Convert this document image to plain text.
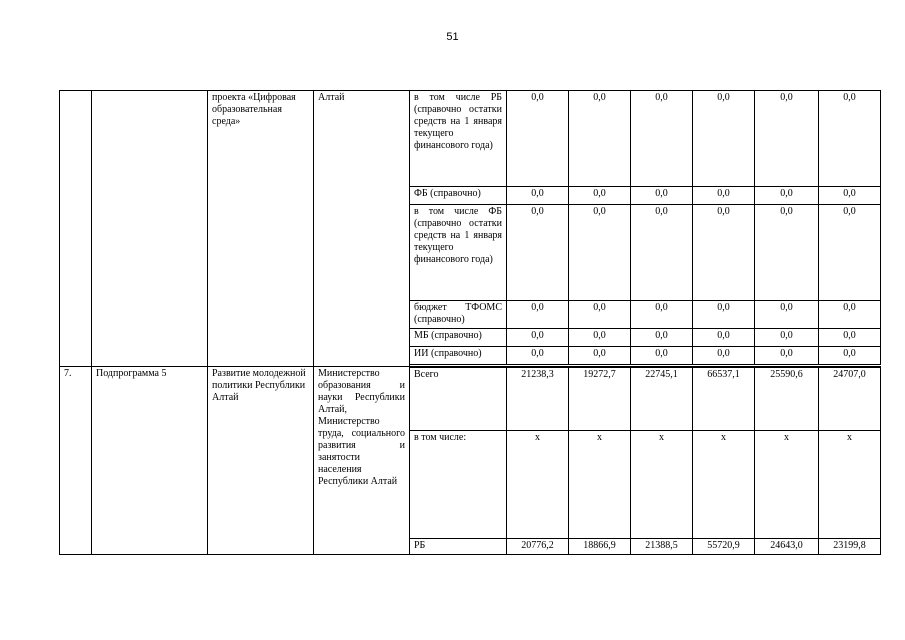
51
		проекта «Цифровая образовательная среда»	Алтай	в том числе РБ (справочно остатки средств на 1 января текущего финансового года)	0,0	0,0	0,0	0,0	0,0	0,0
				ФБ (справочно)	0,0	0,0	0,0	0,0	0,0	0,0
				в том числе ФБ (справочно остатки средств на 1 января текущего финансового года)	0,0	0,0	0,0	0,0	0,0	0,0
				бюджет ТФОМС (справочно)	0,0	0,0	0,0	0,0	0,0	0,0
				МБ (справочно)	0,0	0,0	0,0	0,0	0,0	0,0
				ИИ (справочно)	0,0	0,0	0,0	0,0	0,0	0,0

7.	Подпрограмма 5	Развитие молодежной политики Республики Алтай	Министерство образования и науки Республики Алтай, Министерство труда, социального развития и занятости населения Республики Алтай	Всего	21238,3	19272,7	22745,1	66537,1	25590,6	24707,0
				в том числе:	x	x	x	x	x	x
				РБ	20776,2	18866,9	21388,5	55720,9	24643,0	23199,8
